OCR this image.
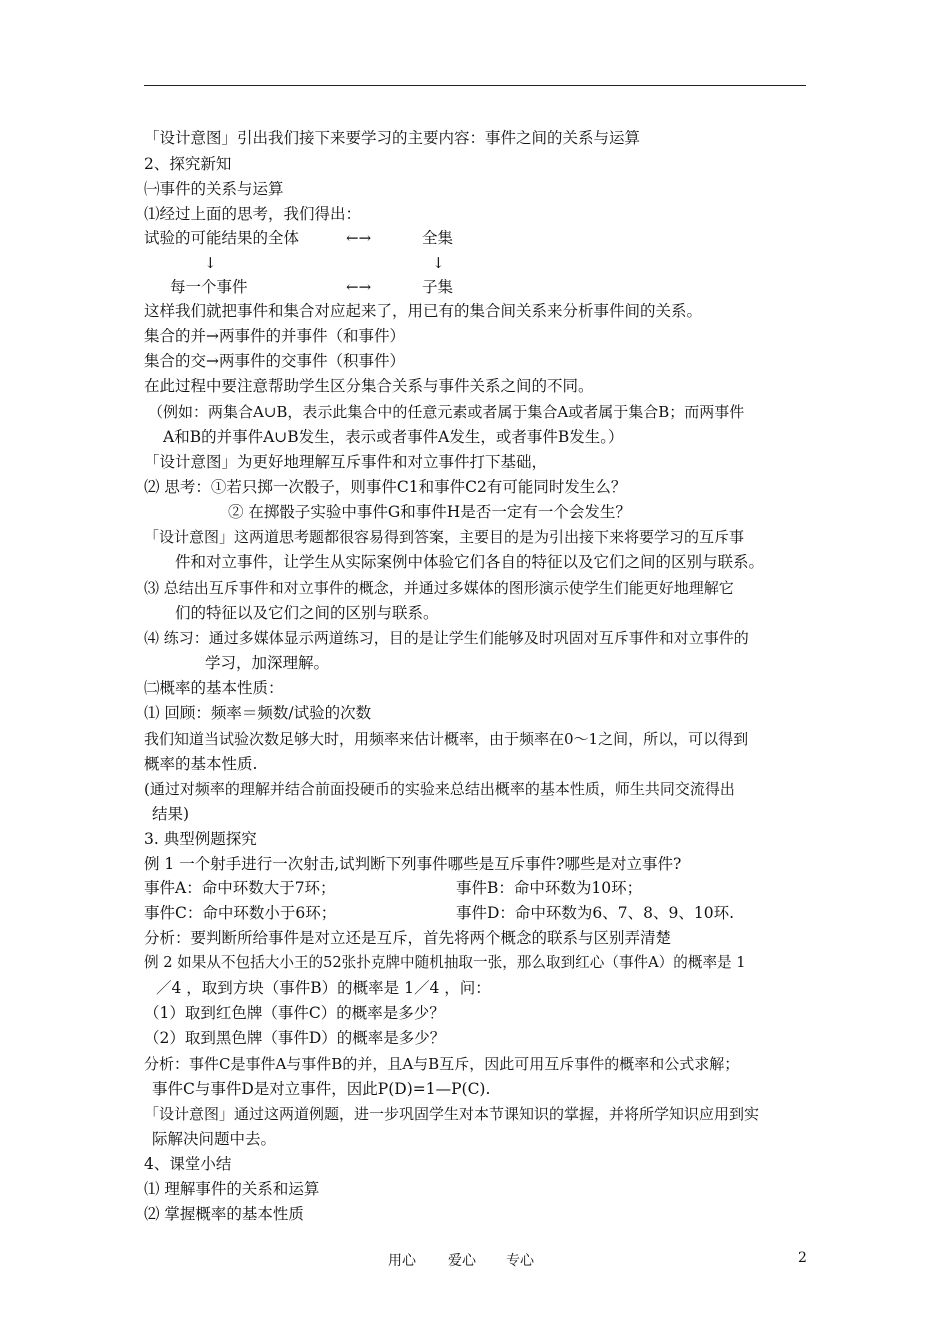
「设计意图」引出我们接下来要学习的主要内容：事件之间的关系与运算
2、探究新知
㈠事件的关系与运算
⑴经过上面的思考，我们得出：
试验的可能结果的全体	←→	全集
↓	↓
每一个事件	←→	子集
这样我们就把事件和集合对应起来了，用已有的集合间关系来分析事件间的关系。
集合的并→两事件的并事件（和事件）
集合的交→两事件的交事件（积事件）
在此过程中要注意帮助学生区分集合关系与事件关系之间的不同。
（例如：两集合A∪B，表示此集合中的任意元素或者属于集合A或者属于集合B；而两事件
A和B的并事件A∪B发生，表示或者事件A发生，或者事件B发生。）
「设计意图」为更好地理解互斥事件和对立事件打下基础，
⑵ 思考：①若只掷一次骰子，则事件C1和事件C2有可能同时发生么？
② 在掷骰子实验中事件G和事件H是否一定有一个会发生？
「设计意图」这两道思考题都很容易得到答案，主要目的是为引出接下来将要学习的互斥事
件和对立事件，让学生从实际案例中体验它们各自的特征以及它们之间的区别与联系。
⑶ 总结出互斥事件和对立事件的概念，并通过多媒体的图形演示使学生们能更好地理解它
们的特征以及它们之间的区别与联系。
⑷ 练习：通过多媒体显示两道练习，目的是让学生们能够及时巩固对互斥事件和对立事件的
学习，加深理解。
㈡概率的基本性质：
⑴ 回顾：频率＝频数/试验的次数
我们知道当试验次数足够大时，用频率来估计概率，由于频率在0～1之间，所以，可以得到
概率的基本性质.
(通过对频率的理解并结合前面投硬币的实验来总结出概率的基本性质，师生共同交流得出
结果)
3. 典型例题探究
例 1 一个射手进行一次射击,试判断下列事件哪些是互斥事件?哪些是对立事件?
事件A：命中环数大于7环；	事件B：命中环数为10环；
事件C：命中环数小于6环；	事件D：命中环数为6、7、8、9、10环.
分析：要判断所给事件是对立还是互斥，首先将两个概念的联系与区别弄清楚
例 2 如果从不包括大小王的52张扑克牌中随机抽取一张，那么取到红心（事件A）的概率是 1
／4 ，取到方块（事件B）的概率是 1／4 ，问：
（1）取到红色牌（事件C）的概率是多少？
（2）取到黑色牌（事件D）的概率是多少？
分析：事件C是事件A与事件B的并，且A与B互斥，因此可用互斥事件的概率和公式求解；
事件C与事件D是对立事件，因此P(D)=1—P(C).
「设计意图」通过这两道例题，进一步巩固学生对本节课知识的掌握，并将所学知识应用到实
际解决问题中去。
4、课堂小结
⑴ 理解事件的关系和运算
⑵ 掌握概率的基本性质
用心 爱心 专心	2
